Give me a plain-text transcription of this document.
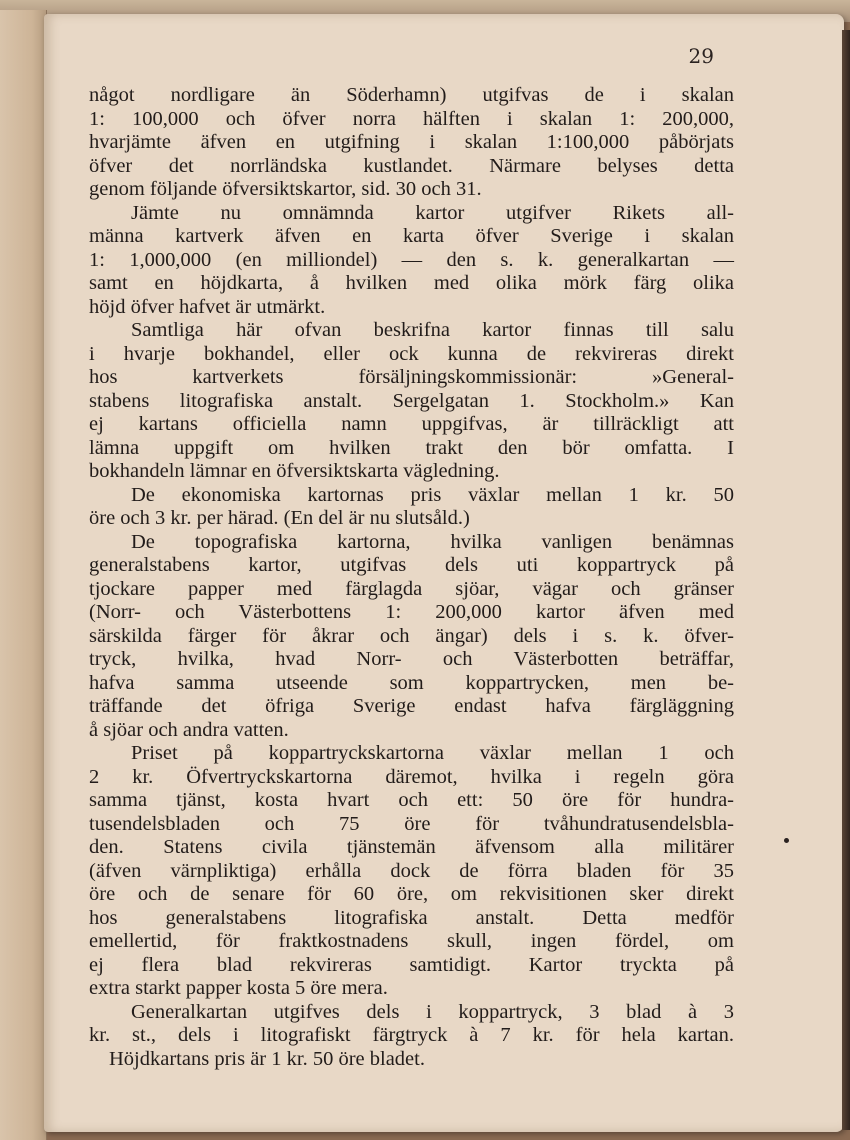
29
något nordligare än Söderhamn) utgifvas de i skalan
1: 100,000 och öfver norra hälften i skalan 1: 200,000,
hvarjämte äfven en utgifning i skalan 1:100,000 påbörjats
öfver det norrländska kustlandet. Närmare belyses detta
genom följande öfversiktskartor, sid. 30 och 31.
Jämte nu omnämnda kartor utgifver Rikets all-
männa kartverk äfven en karta öfver Sverige i skalan
1: 1,000,000 (en milliondel) — den s. k. generalkartan —
samt en höjdkarta, å hvilken med olika mörk färg olika
höjd öfver hafvet är utmärkt.
Samtliga här ofvan beskrifna kartor finnas till salu
i hvarje bokhandel, eller ock kunna de rekvireras direkt
hos kartverkets försäljningskommissionär: »General-
stabens litografiska anstalt. Sergelgatan 1. Stockholm.» Kan
ej kartans officiella namn uppgifvas, är tillräckligt att
lämna uppgift om hvilken trakt den bör omfatta. I
bokhandeln lämnar en öfversiktskarta vägledning.
De ekonomiska kartornas pris växlar mellan 1 kr. 50
öre och 3 kr. per härad. (En del är nu slutsåld.)
De topografiska kartorna, hvilka vanligen benämnas
generalstabens kartor, utgifvas dels uti koppartryck på
tjockare papper med färglagda sjöar, vägar och gränser
(Norr- och Västerbottens 1: 200,000 kartor äfven med
särskilda färger för åkrar och ängar) dels i s. k. öfver-
tryck, hvilka, hvad Norr- och Västerbotten beträffar,
hafva samma utseende som koppartrycken, men be-
träffande det öfriga Sverige endast hafva färgläggning
å sjöar och andra vatten.
Priset på koppartryckskartorna växlar mellan 1 och
2 kr. Öfvertryckskartorna däremot, hvilka i regeln göra
samma tjänst, kosta hvart och ett: 50 öre för hundra-
tusendelsbladen och 75 öre för tvåhundratusendelsbla-
den. Statens civila tjänstemän äfvensom alla militärer
(äfven värnpliktiga) erhålla dock de förra bladen för 35
öre och de senare för 60 öre, om rekvisitionen sker direkt
hos generalstabens litografiska anstalt. Detta medför
emellertid, för fraktkostnadens skull, ingen fördel, om
ej flera blad rekvireras samtidigt. Kartor tryckta på
extra starkt papper kosta 5 öre mera.
Generalkartan utgifves dels i koppartryck, 3 blad à 3
kr. st., dels i litografiskt färgtryck à 7 kr. för hela kartan.
Höjdkartans pris är 1 kr. 50 öre bladet.
